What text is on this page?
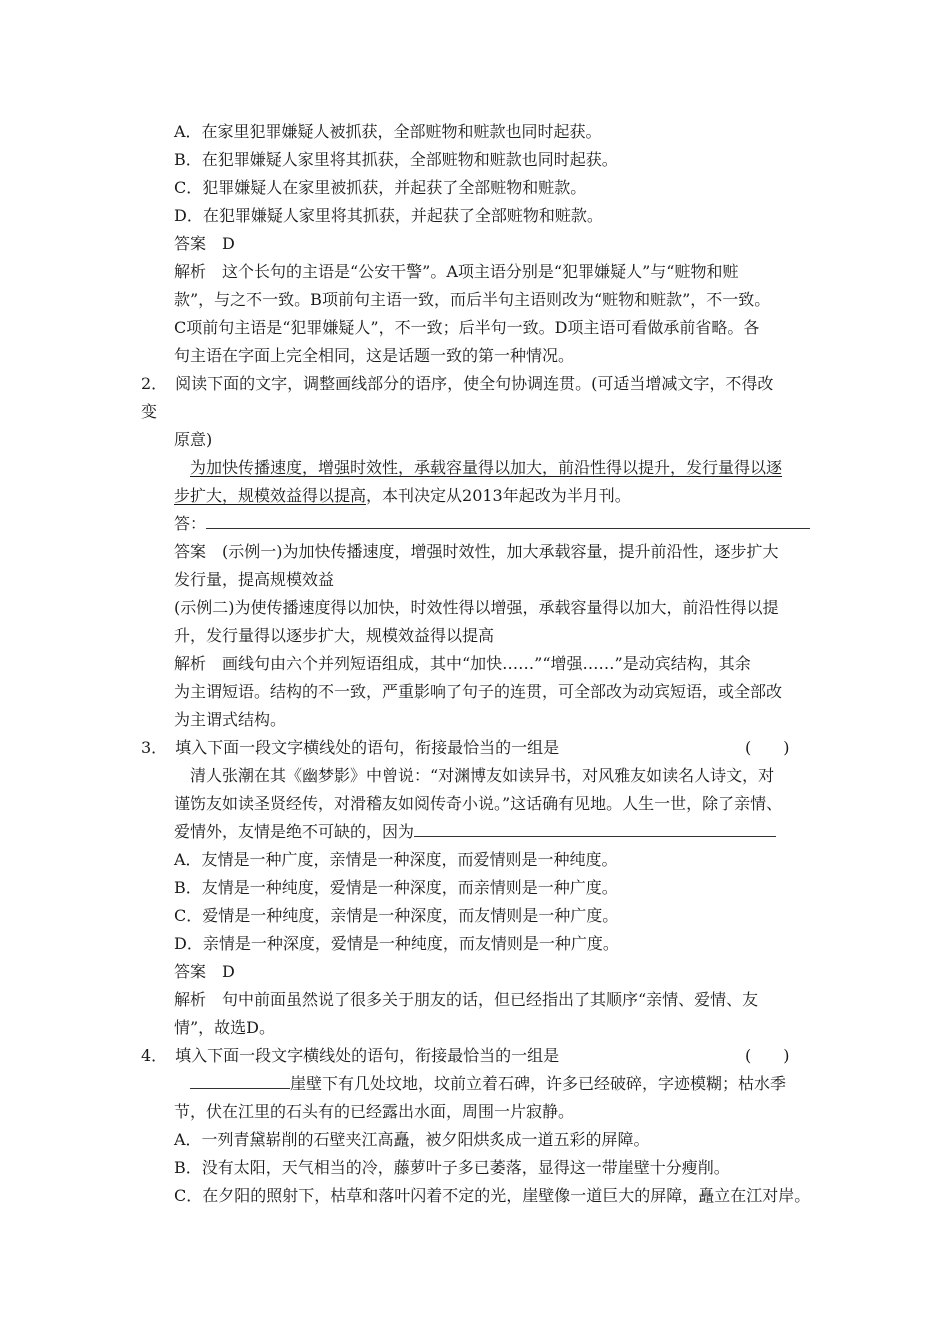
A．在家里犯罪嫌疑人被抓获，全部赃物和赃款也同时起获。
B．在犯罪嫌疑人家里将其抓获，全部赃物和赃款也同时起获。
C．犯罪嫌疑人在家里被抓获，并起获了全部赃物和赃款。
D．在犯罪嫌疑人家里将其抓获，并起获了全部赃物和赃款。
答案　D
解析　这个长句的主语是“公安干警”。A项主语分别是“犯罪嫌疑人”与“赃物和赃
款”，与之不一致。B项前句主语一致，而后半句主语则改为“赃物和赃款”，不一致。
C项前句主语是“犯罪嫌疑人”，不一致；后半句一致。D项主语可看做承前省略。各
句主语在字面上完全相同，这是话题一致的第一种情况。
2．　阅读下面的文字，调整画线部分的语序，使全句协调连贯。(可适当增减文字，不得改
变
原意)
为加快传播速度，增强时效性，承载容量得以加大，前沿性得以提升，发行量得以逐
步扩大，规模效益得以提高，本刊决定从2013年起改为半月刊。
答：
答案　(示例一)为加快传播速度，增强时效性，加大承载容量，提升前沿性，逐步扩大
发行量，提高规模效益
(示例二)为使传播速度得以加快，时效性得以增强，承载容量得以加大，前沿性得以提
升，发行量得以逐步扩大，规模效益得以提高
解析　画线句由六个并列短语组成，其中“加快……”“增强……”是动宾结构，其余
为主谓短语。结构的不一致，严重影响了句子的连贯，可全部改为动宾短语，或全部改
为主谓式结构。
3．　填入下面一段文字横线处的语句，衔接最恰当的一组是	(　　)
清人张潮在其《幽梦影》中曾说：“对渊博友如读异书，对风雅友如读名人诗文，对
谨饬友如读圣贤经传，对滑稽友如阅传奇小说。”这话确有见地。人生一世，除了亲情、
爱情外，友情是绝不可缺的，因为
A．友情是一种广度，亲情是一种深度，而爱情则是一种纯度。
B．友情是一种纯度，爱情是一种深度，而亲情则是一种广度。
C．爱情是一种纯度，亲情是一种深度，而友情则是一种广度。
D．亲情是一种深度，爱情是一种纯度，而友情则是一种广度。
答案　D
解析　句中前面虽然说了很多关于朋友的话，但已经指出了其顺序“亲情、爱情、友
情”，故选D。
4．　填入下面一段文字横线处的语句，衔接最恰当的一组是	(　　)
崖壁下有几处坟地，坟前立着石碑，许多已经破碎，字迹模糊；枯水季
节，伏在江里的石头有的已经露出水面，周围一片寂静。
A．一列青黛崭削的石壁夹江高矗，被夕阳烘炙成一道五彩的屏障。
B．没有太阳，天气相当的冷，藤萝叶子多已萎落，显得这一带崖壁十分瘦削。
C．在夕阳的照射下，枯草和落叶闪着不定的光，崖壁像一道巨大的屏障，矗立在江对岸。
